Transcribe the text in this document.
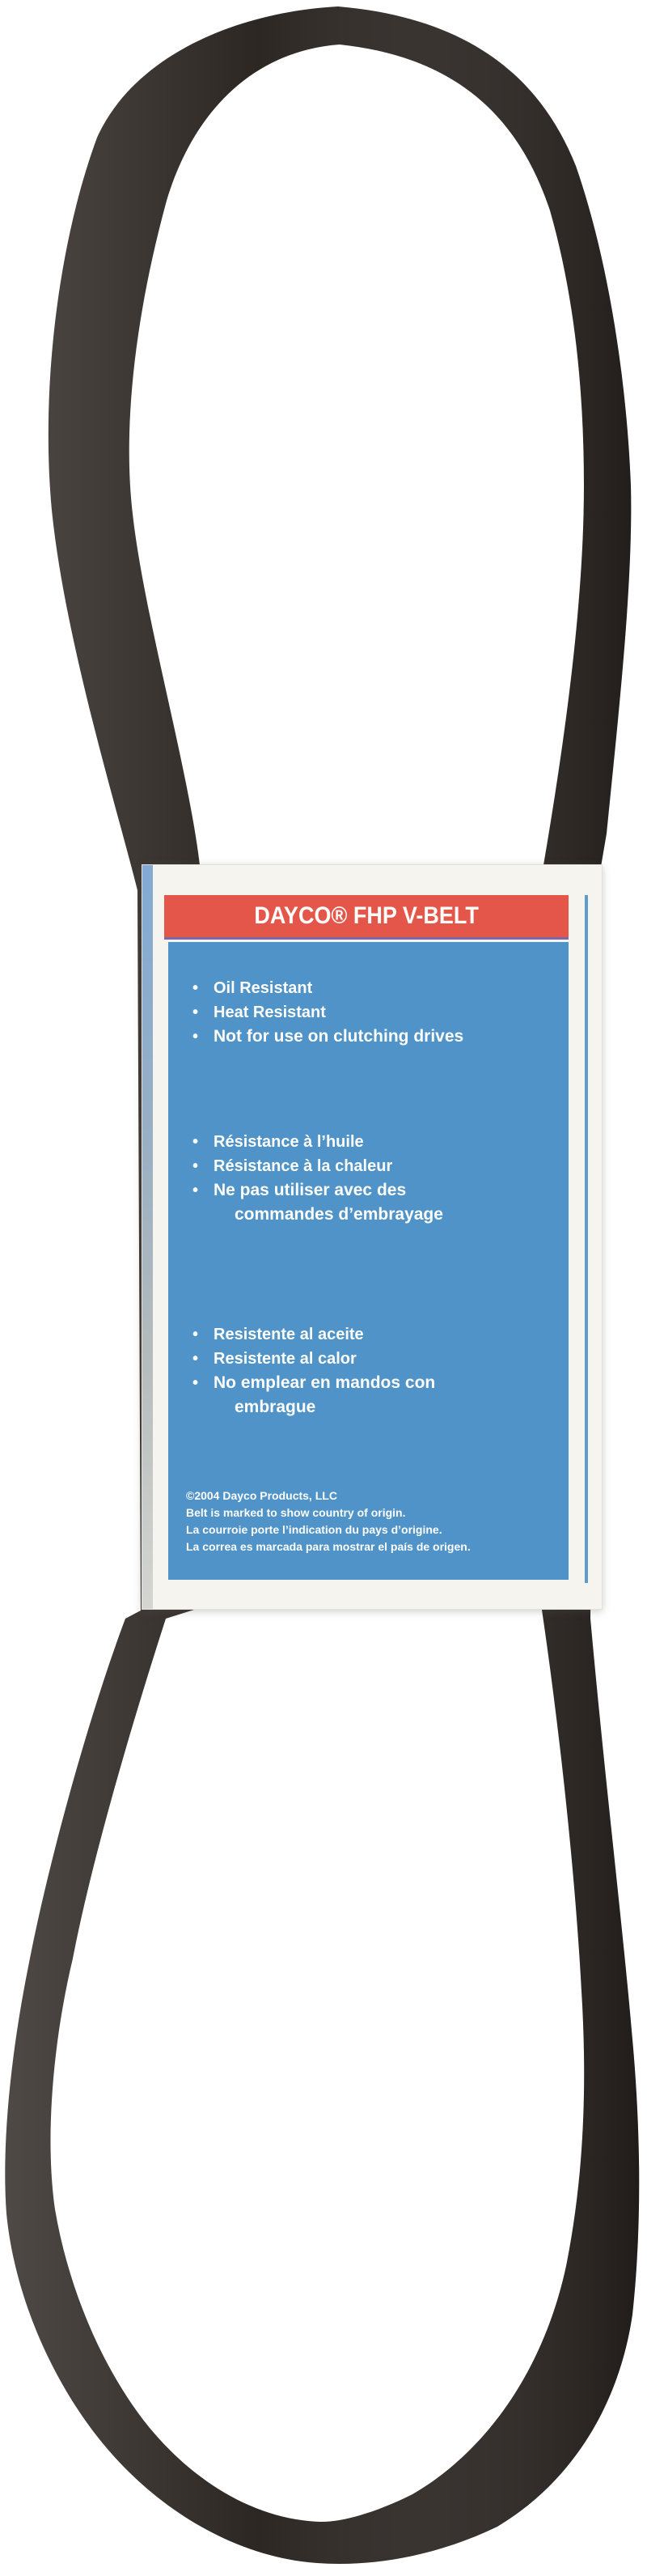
DAYCO® FHP V-BELT
• Oil Resistant
• Heat Resistant
• Not for use on clutching drives
• Résistance à l’huile
• Résistance à la chaleur
• Ne pas utiliser avec des commandes d’embrayage
• Resistente al aceite
• Resistente al calor
• No emplear en mandos con embrague
©2004 Dayco Products, LLC
Belt is marked to show country of origin.
La courroie porte l’indication du pays d’origine.
La correa es marcada para mostrar el país de origen.
